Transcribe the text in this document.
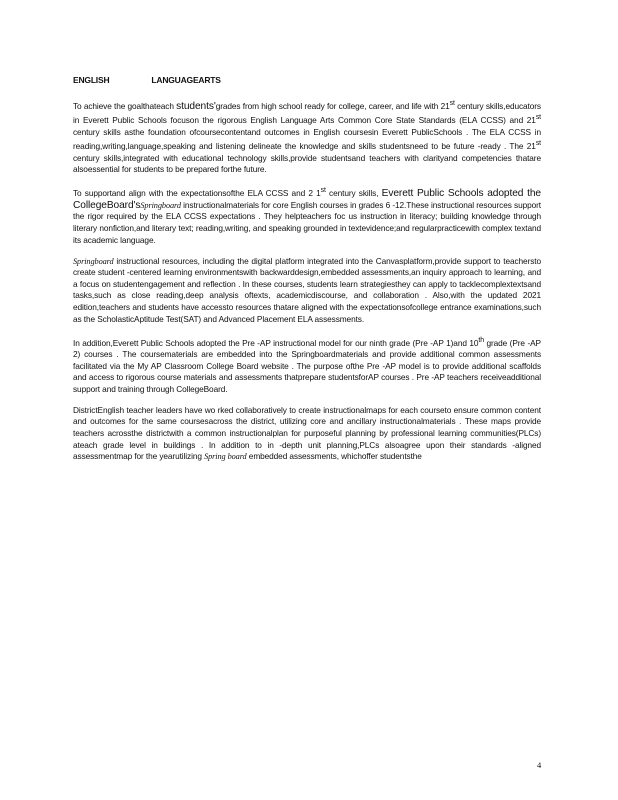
ENGLISH	LANGUAGEARTS

To achieve the goalthateach students'grades from high school ready for college, career, and life with 21st century skills,educators in Everett Public Schools focuson the rigorous English Language Arts Common Core State Standards (ELA CCSS) and 21st century skills asthe foundation ofcoursecontentand outcomes in English coursesin Everett PublicSchools . The ELA CCSS in reading,writing,language,speaking and listening delineate the knowledge and skills studentsneed to be future -ready . The 21st century skills,integrated with educational technology skills,provide studentsand teachers with clarityand competencies thatare alsoessential for students to be prepared forthe future.

To supportand align with the expectationsofthe ELA CCSS and 2 1st century skills, Everett Public Schools adopted the CollegeBoard'sSpringboard instructionalmaterials for core English courses in grades 6 -12.These instructional resources support the rigor required by the ELA CCSS expectations . They helpteachers foc us instruction in literacy; building knowledge through literary nonfiction,and literary text; reading,writing, and speaking grounded in textevidence;and regularpracticewith complex textand its academic language.

Springboard instructional resources, including the digital platform integrated into the Canvasplatform,provide support to teachersto create student -centered learning environmentswith backwarddesign,embedded assessments,an inquiry approach to learning, and a focus on studentengagement and reflection . In these courses, students learn strategiesthey can apply to tacklecomplextextsand tasks,such as close reading,deep analysis oftexts, academicdiscourse, and collaboration . Also,with the updated 2021 edition,teachers and students have accessto resources thatare aligned with the expectationsofcollege entrance examinations,such as the ScholasticAptitude Test(SAT) and Advanced Placement ELA assessments.

In addition,Everett Public Schools adopted the Pre -AP instructional model for our ninth grade (Pre -AP 1)and 10th grade (Pre -AP 2) courses . The coursematerials are embedded into the Springboardmaterials and provide additional common assessments facilitated via the My AP Classroom College Board website . The purpose ofthe Pre -AP model is to provide additional scaffolds and access to rigorous course materials and assessments thatprepare studentsforAP courses . Pre -AP teachers receiveadditional support and training through CollegeBoard.

DistrictEnglish teacher leaders have wo rked collaboratively to create instructionalmaps for each courseto ensure common content and outcomes for the same coursesacross the district, utilizing core and ancillary instructionalmaterials . These maps provide teachers acrossthe districtwith a common instructionalplan for purposeful planning by professional learning communities(PLCs) ateach grade level in buildings . In addition to in -depth unit planning,PLCs alsoagree upon their standards -aligned assessmentmap for the yearutilizing Spring board embedded assessments, whichoffer studentsthe

4
